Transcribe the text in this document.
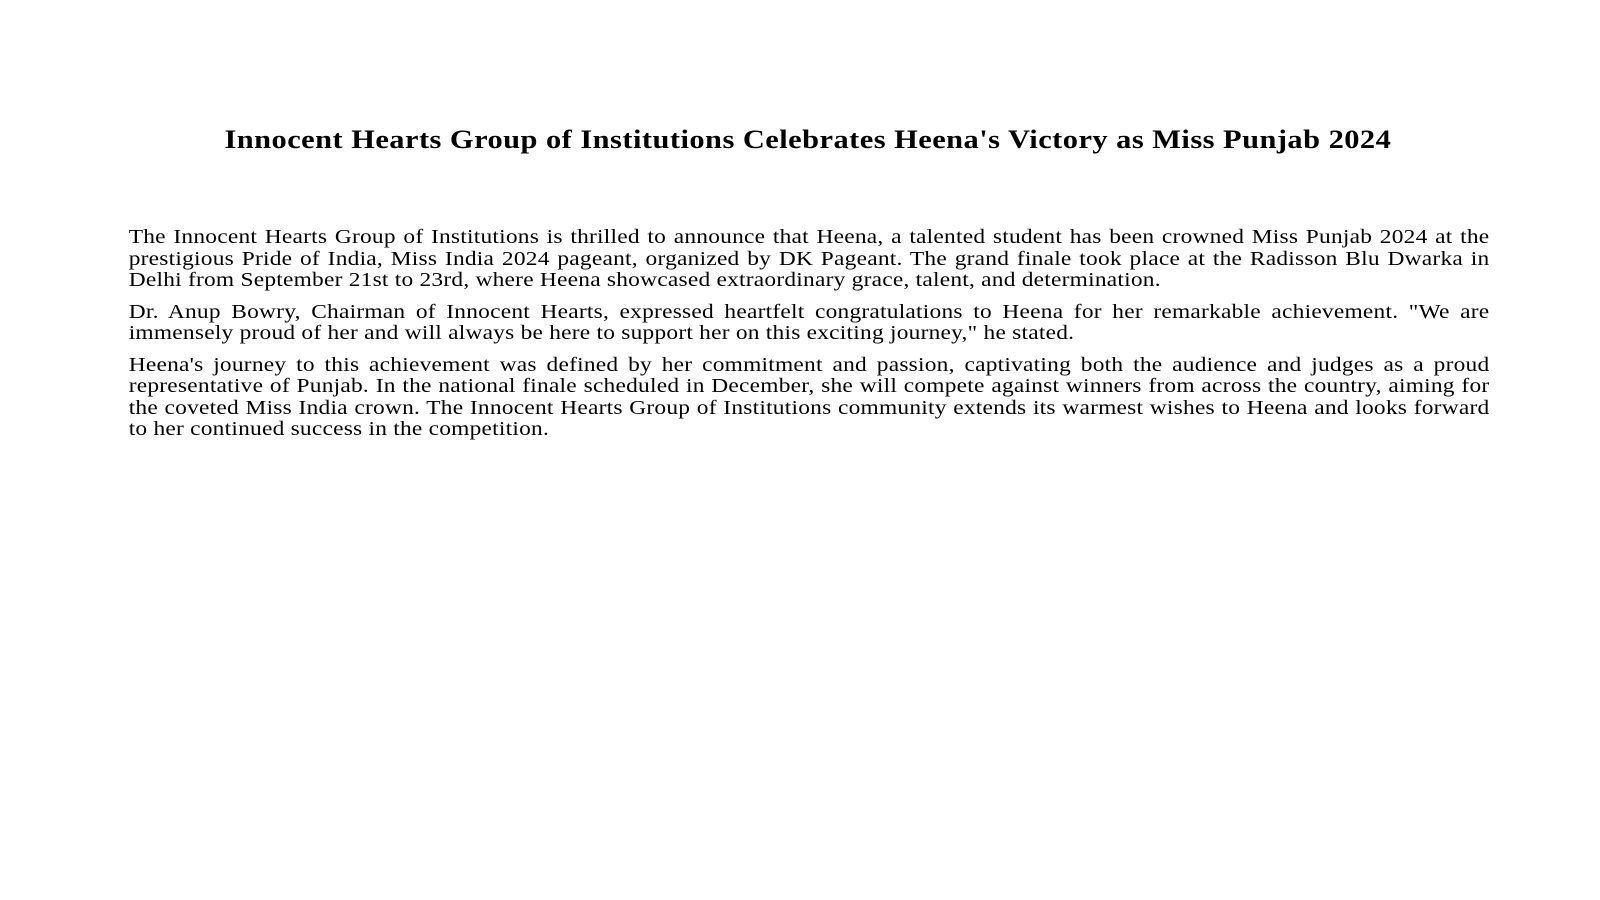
Innocent Hearts Group of Institutions Celebrates Heena's Victory as Miss Punjab 2024

The Innocent Hearts Group of Institutions is thrilled to announce that Heena, a talented student has been crowned Miss Punjab 2024 at the prestigious Pride of India, Miss India 2024 pageant, organized by DK Pageant. The grand finale took place at the Radisson Blu Dwarka in Delhi from September 21st to 23rd, where Heena showcased extraordinary grace, talent, and determination.

Dr. Anup Bowry, Chairman of Innocent Hearts, expressed heartfelt congratulations to Heena for her remarkable achievement. "We are immensely proud of her and will always be here to support her on this exciting journey," he stated.

Heena's journey to this achievement was defined by her commitment and passion, captivating both the audience and judges as a proud representative of Punjab. In the national finale scheduled in December, she will compete against winners from across the country, aiming for the coveted Miss India crown. The Innocent Hearts Group of Institutions community extends its warmest wishes to Heena and looks forward to her continued success in the competition.
